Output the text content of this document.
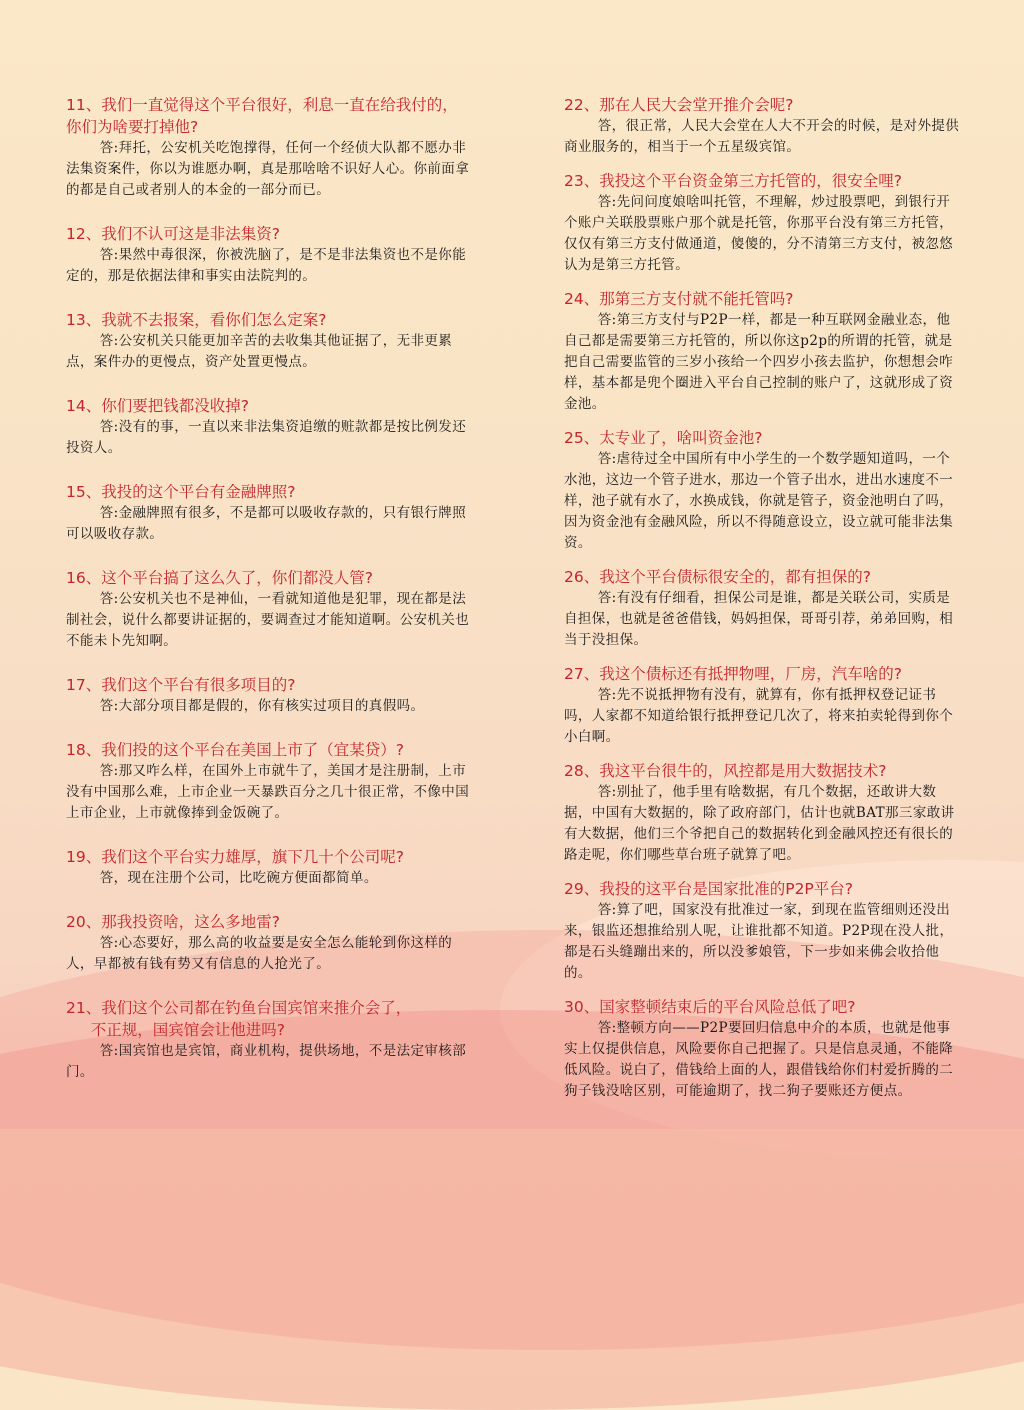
11、我们一直觉得这个平台很好，利息一直在给我付的，

你们为啥要打掉他?

答:拜托，公安机关吃饱撑得，任何一个经侦大队都不愿办非法集资案件，你以为谁愿办啊，真是那啥啥不识好人心。你前面拿的都是自己或者别人的本金的一部分而已。

12、我们不认可这是非法集资?

答:果然中毒很深，你被洗脑了，是不是非法集资也不是你能定的，那是依据法律和事实由法院判的。

13、我就不去报案，看你们怎么定案?

答:公安机关只能更加辛苦的去收集其他证据了，无非更累点，案件办的更慢点，资产处置更慢点。

14、你们要把钱都没收掉?

答:没有的事，一直以来非法集资追缴的赃款都是按比例发还投资人。

15、我投的这个平台有金融牌照?

答:金融牌照有很多，不是都可以吸收存款的，只有银行牌照可以吸收存款。

16、这个平台搞了这么久了，你们都没人管?

答:公安机关也不是神仙，一看就知道他是犯罪，现在都是法制社会，说什么都要讲证据的，要调查过才能知道啊。公安机关也不能未卜先知啊。

17、我们这个平台有很多项目的?

答:大部分项目都是假的，你有核实过项目的真假吗。

18、我们投的这个平台在美国上市了（宜某贷）?

答:那又咋么样，在国外上市就牛了，美国才是注册制，上市没有中国那么难，上市企业一天暴跌百分之几十很正常，不像中国上市企业，上市就像捧到金饭碗了。

19、我们这个平台实力雄厚，旗下几十个公司呢?

答，现在注册个公司，比吃碗方便面都简单。

20、那我投资啥，这么多地雷?

答:心态要好，那么高的收益要是安全怎么能轮到你这样的人，早都被有钱有势又有信息的人抢光了。

21、我们这个公司都在钓鱼台国宾馆来推介会了，

不正规，国宾馆会让他进吗?

答:国宾馆也是宾馆，商业机构，提供场地，不是法定审核部门。

22、那在人民大会堂开推介会呢?

答，很正常，人民大会堂在人大不开会的时候，是对外提供商业服务的，相当于一个五星级宾馆。

23、我投这个平台资金第三方托管的，很安全哩?

答:先问问度娘啥叫托管，不理解，炒过股票吧，到银行开个账户关联股票账户那个就是托管，你那平台没有第三方托管，仅仅有第三方支付做通道，傻傻的，分不清第三方支付，被忽悠认为是第三方托管。

24、那第三方支付就不能托管吗?

答:第三方支付与P2P一样，都是一种互联网金融业态，他自己都是需要第三方托管的，所以你这p2p的所谓的托管，就是把自己需要监管的三岁小孩给一个四岁小孩去监护，你想想会咋样，基本都是兜个圈进入平台自己控制的账户了，这就形成了资金池。

25、太专业了，啥叫资金池?

答:虐待过全中国所有中小学生的一个数学题知道吗，一个水池，这边一个管子进水，那边一个管子出水，进出水速度不一样，池子就有水了，水换成钱，你就是管子，资金池明白了吗，因为资金池有金融风险，所以不得随意设立，设立就可能非法集资。

26、我这个平台债标很安全的，都有担保的?

答:有没有仔细看，担保公司是谁，都是关联公司，实质是自担保，也就是爸爸借钱，妈妈担保，哥哥引荐，弟弟回购，相当于没担保。

27、我这个债标还有抵押物哩，厂房，汽车啥的?

答:先不说抵押物有没有，就算有，你有抵押权登记证书吗，人家都不知道给银行抵押登记几次了，将来拍卖轮得到你个小白啊。

28、我这平台很牛的，风控都是用大数据技术?

答:别扯了，他手里有啥数据，有几个数据，还敢讲大数据，中国有大数据的，除了政府部门，估计也就BAT那三家敢讲有大数据，他们三个爷把自己的数据转化到金融风控还有很长的路走呢，你们哪些草台班子就算了吧。

29、我投的这平台是国家批准的P2P平台?

答:算了吧，国家没有批准过一家，到现在监管细则还没出来，银监还想推给别人呢，让谁批都不知道。P2P现在没人批，都是石头缝蹦出来的，所以没爹娘管，下一步如来佛会收拾他的。

30、国家整顿结束后的平台风险总低了吧?

答:整顿方向——P2P要回归信息中介的本质，也就是他事实上仅提供信息，风险要你自己把握了。只是信息灵通，不能降低风险。说白了，借钱给上面的人，跟借钱给你们村爱折腾的二狗子钱没啥区别，可能逾期了，找二狗子要账还方便点。
